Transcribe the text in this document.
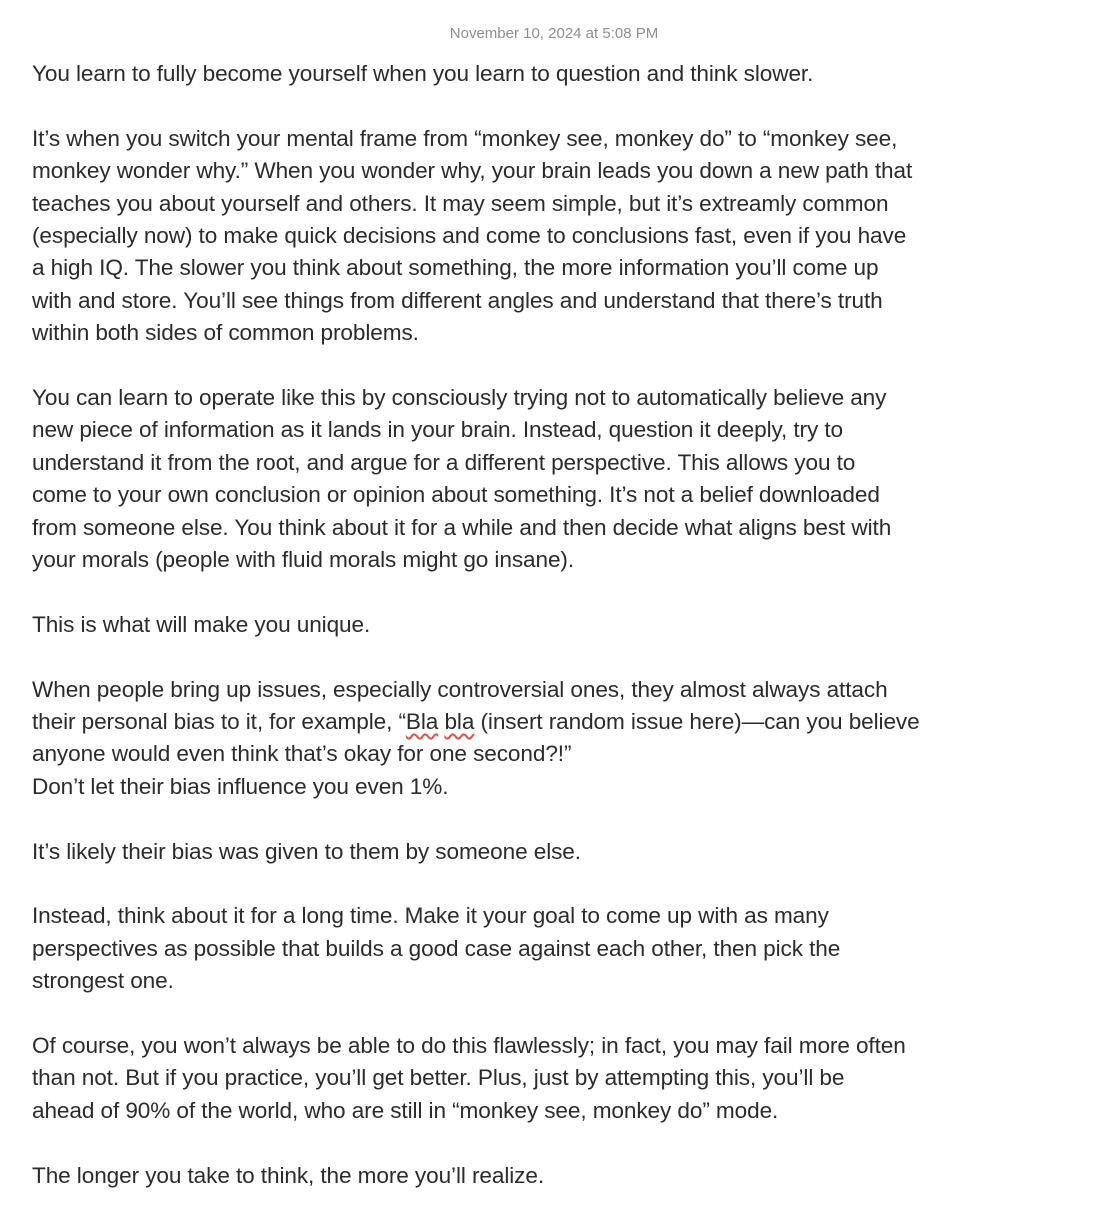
November 10, 2024 at 5:08 PM
You learn to fully become yourself when you learn to question and think slower.
It’s when you switch your mental frame from “monkey see, monkey do” to “monkey see,
monkey wonder why.” When you wonder why, your brain leads you down a new path that
teaches you about yourself and others. It may seem simple, but it’s extreamly common
(especially now) to make quick decisions and come to conclusions fast, even if you have
a high IQ. The slower you think about something, the more information you’ll come up
with and store. You’ll see things from different angles and understand that there’s truth
within both sides of common problems.
You can learn to operate like this by consciously trying not to automatically believe any
new piece of information as it lands in your brain. Instead, question it deeply, try to
understand it from the root, and argue for a different perspective. This allows you to
come to your own conclusion or opinion about something. It’s not a belief downloaded
from someone else. You think about it for a while and then decide what aligns best with
your morals (people with fluid morals might go insane).
This is what will make you unique.
When people bring up issues, especially controversial ones, they almost always attach
their personal bias to it, for example, “Bla bla (insert random issue here)—can you believe
anyone would even think that’s okay for one second?!”
Don’t let their bias influence you even 1%.
It’s likely their bias was given to them by someone else.
Instead, think about it for a long time. Make it your goal to come up with as many
perspectives as possible that builds a good case against each other, then pick the
strongest one.
Of course, you won’t always be able to do this flawlessly; in fact, you may fail more often
than not. But if you practice, you’ll get better. Plus, just by attempting this, you’ll be
ahead of 90% of the world, who are still in “monkey see, monkey do” mode.
The longer you take to think, the more you’ll realize.
